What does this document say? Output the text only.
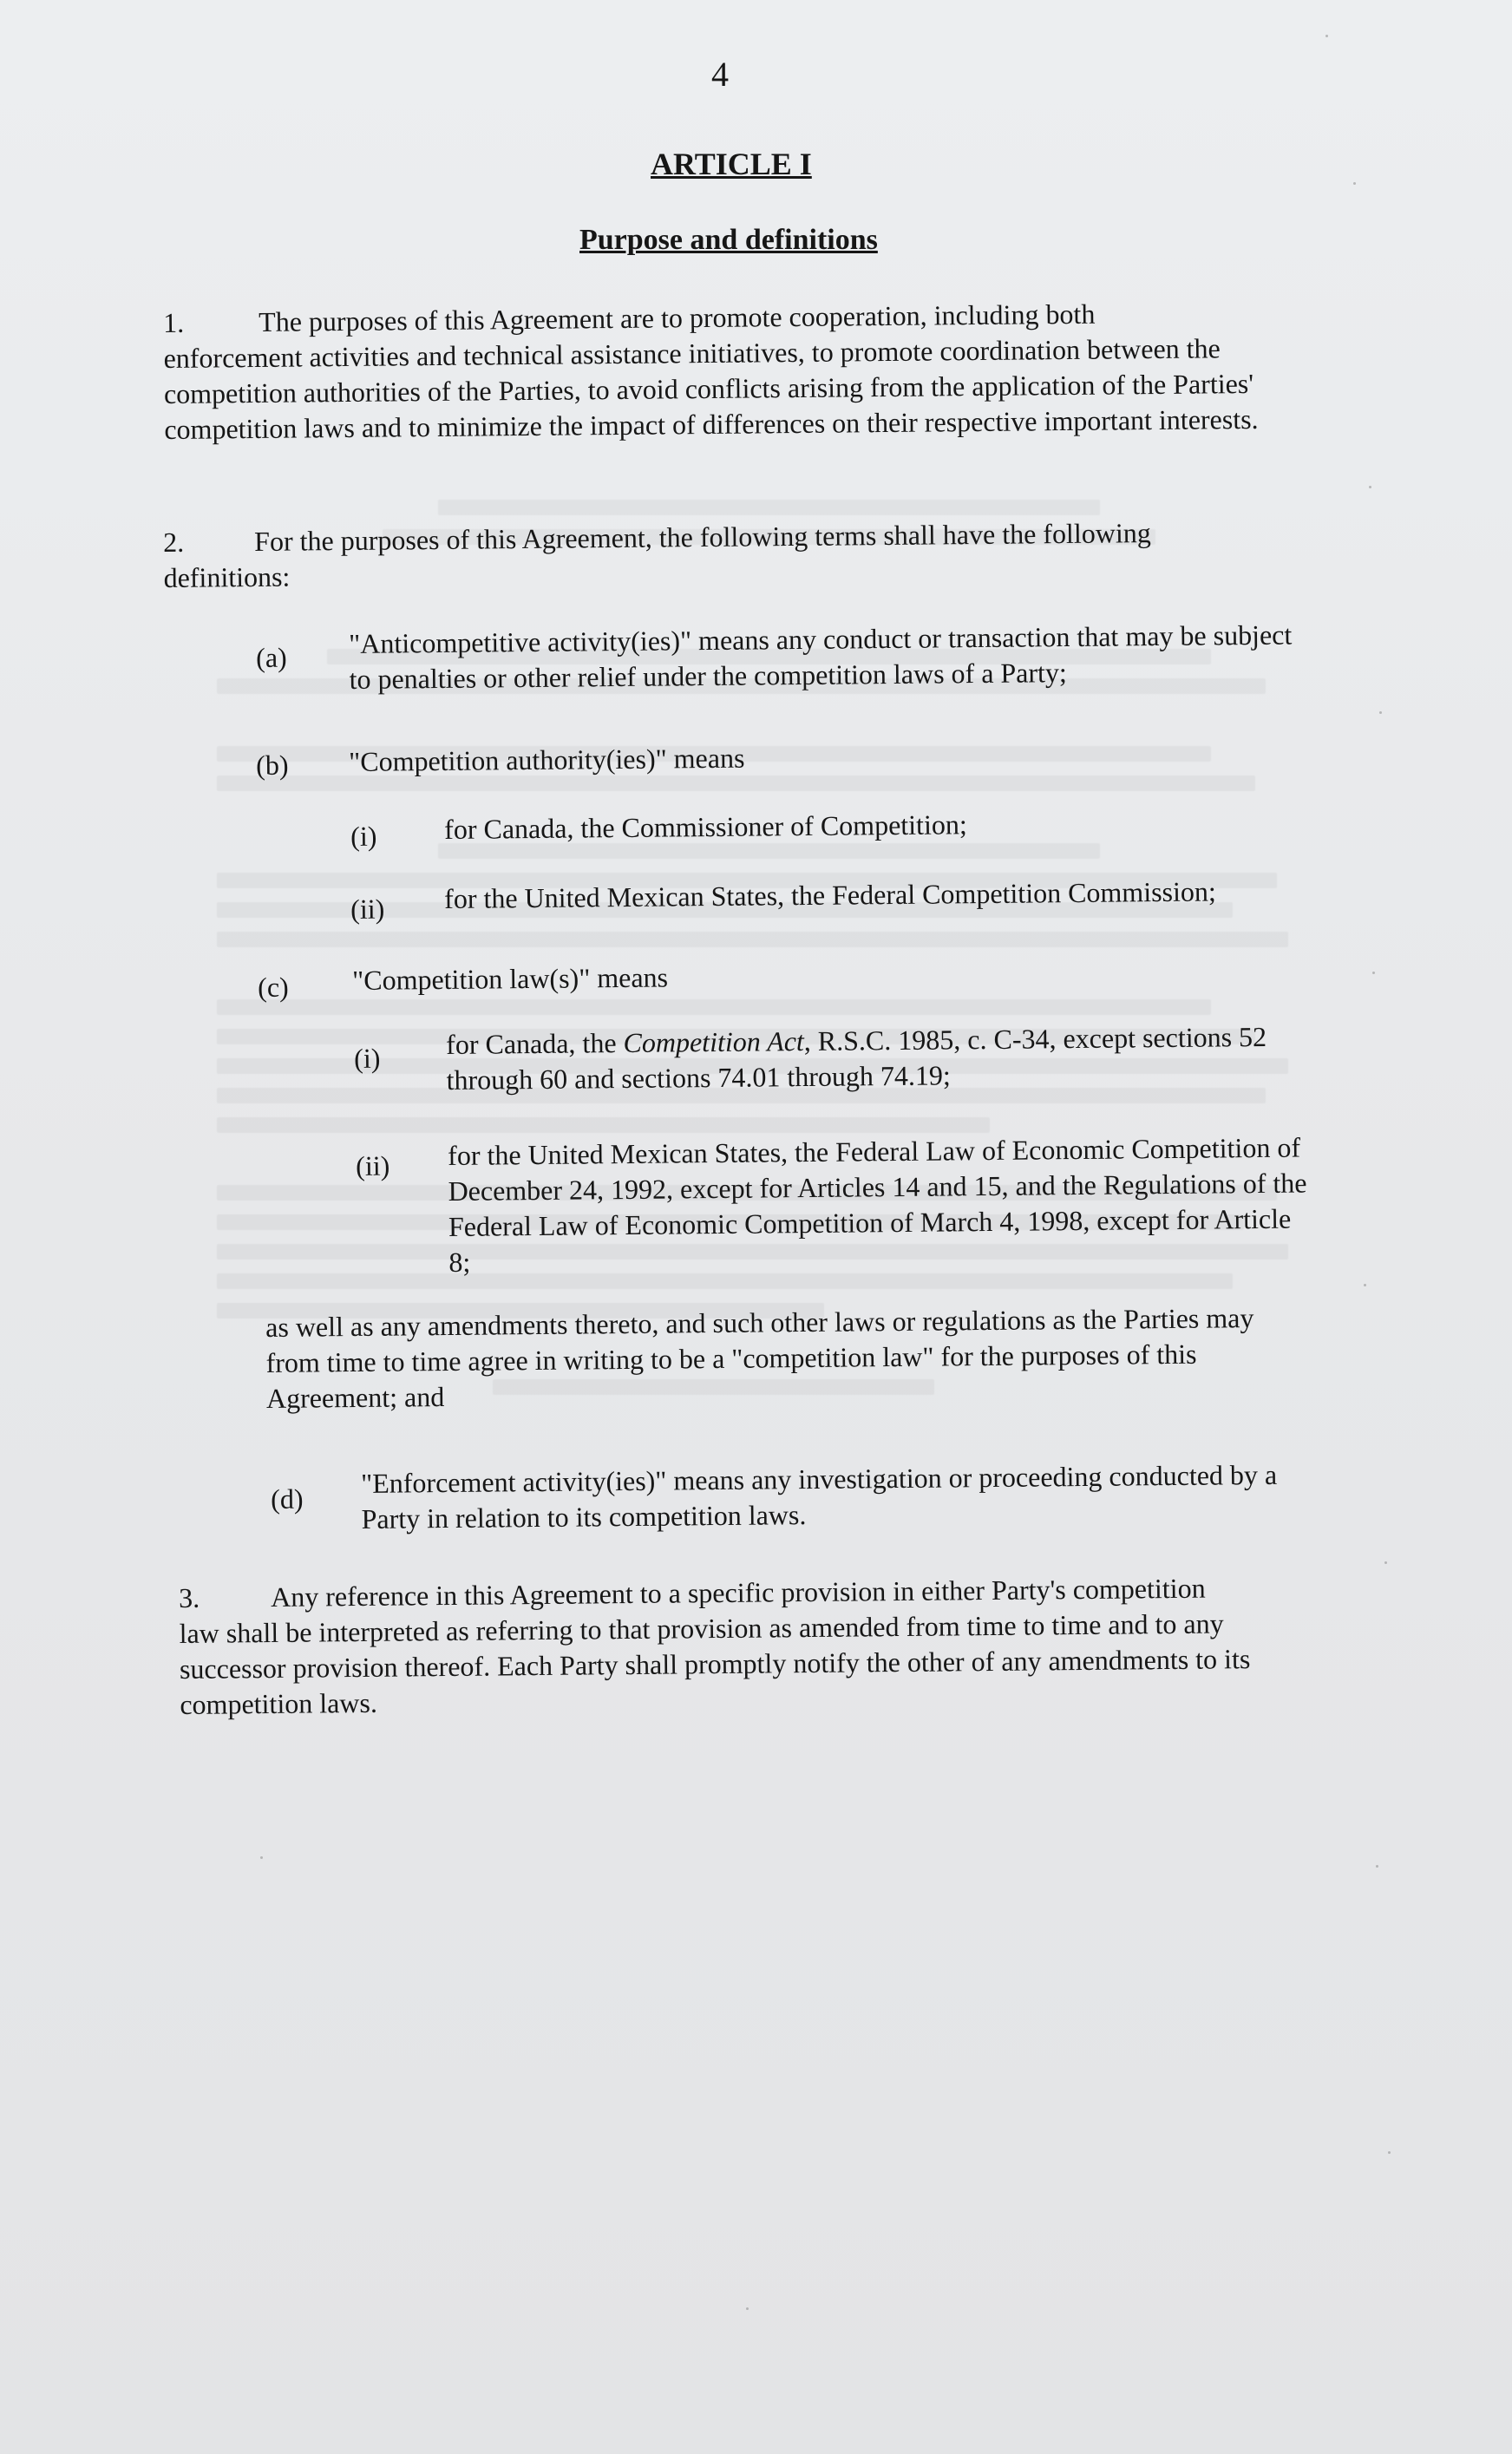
4
ARTICLE I
Purpose and definitions
1.	The purposes of this Agreement are to promote cooperation, including both
enforcement activities and technical assistance initiatives, to promote coordination between the competition authorities of the Parties, to avoid conflicts arising from the application of the Parties' competition laws and to minimize the impact of differences on their respective important interests.
2.	For the purposes of this Agreement, the following terms shall have the following
definitions:
(a) "Anticompetitive activity(ies)" means any conduct or transaction that may be subject to penalties or other relief under the competition laws of a Party;
(b) "Competition authority(ies)" means
(i) for Canada, the Commissioner of Competition;
(ii) for the United Mexican States, the Federal Competition Commission;
(c) "Competition law(s)" means
(i) for Canada, the Competition Act, R.S.C. 1985, c. C-34, except sections 52 through 60 and sections 74.01 through 74.19;
(ii) for the United Mexican States, the Federal Law of Economic Competition of December 24, 1992, except for Articles 14 and 15, and the Regulations of the Federal Law of Economic Competition of March 4, 1998, except for Article 8;
as well as any amendments thereto, and such other laws or regulations as the Parties may from time to time agree in writing to be a "competition law" for the purposes of this Agreement; and
(d) "Enforcement activity(ies)" means any investigation or proceeding conducted by a Party in relation to its competition laws.
3.	Any reference in this Agreement to a specific provision in either Party's competition
law shall be interpreted as referring to that provision as amended from time to time and to any successor provision thereof. Each Party shall promptly notify the other of any amendments to its competition laws.
